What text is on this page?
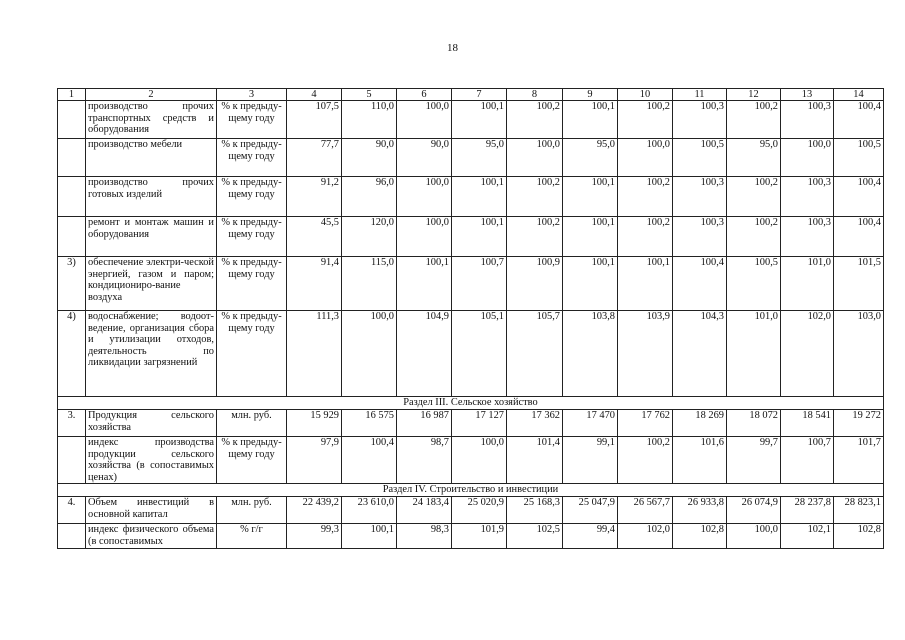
18
1	2	3	4	5	6	7	8	9	10	11	12	13	14
	производство прочих транспортных средств и оборудования	% к предыду-щему году	107,5	110,0	100,0	100,1	100,2	100,1	100,2	100,3	100,2	100,3	100,4
	производство мебели	% к предыду-щему году	77,7	90,0	90,0	95,0	100,0	95,0	100,0	100,5	95,0	100,0	100,5
	производство прочих готовых изделий	% к предыду-щему году	91,2	96,0	100,0	100,1	100,2	100,1	100,2	100,3	100,2	100,3	100,4
	ремонт и монтаж машин и оборудования	% к предыду-щему году	45,5	120,0	100,0	100,1	100,2	100,1	100,2	100,3	100,2	100,3	100,4
3)	обеспечение электри-ческой энергией, газом и паром; кондициониро-вание воздуха	% к предыду-щему году	91,4	115,0	100,1	100,7	100,9	100,1	100,1	100,4	100,5	101,0	101,5
4)	водоснабжение; водоот-ведение, организация сбора и утилизации отходов, деятельность по ликвидации загрязнений	% к предыду-щему году	111,3	100,0	104,9	105,1	105,7	103,8	103,9	104,3	101,0	102,0	103,0
Раздел III. Сельское хозяйство													
3.	Продукция сельского хозяйства	млн. руб.	15 929	16 575	16 987	17 127	17 362	17 470	17 762	18 269	18 072	18 541	19 272
	индекс производства продукции сельского хозяйства (в сопоставимых ценах)	% к предыду-щему году	97,9	100,4	98,7	100,0	101,4	99,1	100,2	101,6	99,7	100,7	101,7
Раздел IV. Строительство и инвестиции													
4.	Объем инвестиций в основной капитал	млн. руб.	22 439,2	23 610,0	24 183,4	25 020,9	25 168,3	25 047,9	26 567,7	26 933,8	26 074,9	28 237,8	28 823,1
	индекс физического объема (в сопоставимых	% г/г	99,3	100,1	98,3	101,9	102,5	99,4	102,0	102,8	100,0	102,1	102,8
